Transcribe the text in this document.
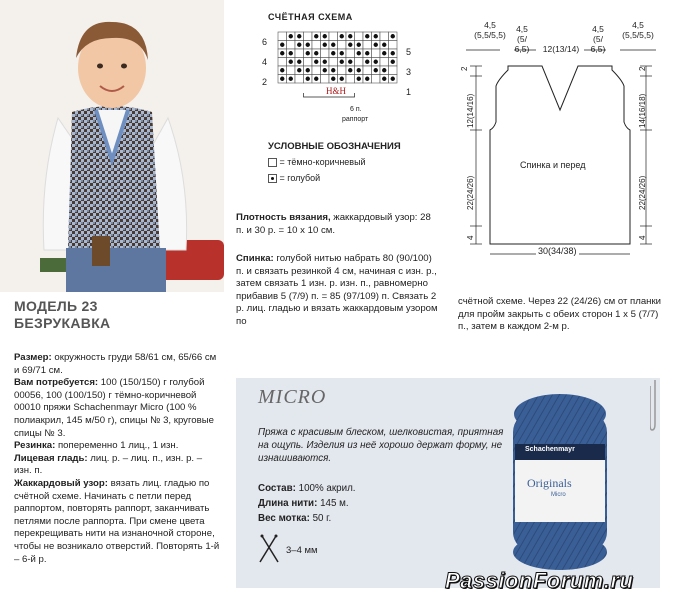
МОДЕЛЬ 23
БЕЗРУКАВКА
Размер: окружность груди 58/61 см, 65/66 см и 69/71 см.
Вам потребуется: 100 (150/150) г голубой 00056, 100 (100/150) г тёмно-коричневой 00010 пряжи Schachenmayr Micro (100 % полиакрил, 145 м/50 г), спицы № 3, круговые спицы № 3.
Резинка: попеременно 1 лиц., 1 изн.
Лицевая гладь: лиц. р. – лиц. п., изн. р. – изн. п.
Жаккардовый узор: вязать лиц. гладью по счётной схеме. Начинать с петли перед раппортом, повторять раппорт, заканчивать петлями после раппорта. При смене цвета перекрещивать нити на изнаночной стороне, чтобы не возникало отверстий. Повторять 1-й – 6-й р.
СЧЁТНАЯ СХЕМА
6
4
2
5
3
1
H&H
6 п.
раппорт
УСЛОВНЫЕ ОБОЗНАЧЕНИЯ
= тёмно-коричневый
= голубой
Плотность вязания, жаккардовый узор: 28 п. и 30 р. = 10 х 10 см.
Спинка: голубой нитью набрать 80 (90/100) п. и связать резинкой 4 см, начиная с изн. р., затем связать 1 изн. р. изн. п., равномерно прибавив 5 (7/9) п. = 85 (97/109) п. Связать 2 р. лиц. гладью и вязать жаккардовым узором по
счётной схеме. Через 22 (24/26) см от планки для пройм закрыть с обеих сторон 1 х 5 (7/7) п., затем в каждом 2-м р.
4,5
(5,5/5,5)
4,5
(5/
6,5)	12(13/14)
4,5
(5/
6,5)
4,5
(5,5/5,5)
2
12(14/16)
22(24/26)
4
2
14(16/18)
22(24/26)
4
Спинка и перед
30(34/38)
MICRO
Пряжа с красивым блеском, шелковистая, приятная на ощупь. Изделия из неё хорошо держат форму, не изнашиваются.
Состав: 100% акрил.
Длина нити: 145 м.
Вес мотка: 50 г.
3–4 мм
Schachenmayr
Originals
Micro
PassionForum.ru
